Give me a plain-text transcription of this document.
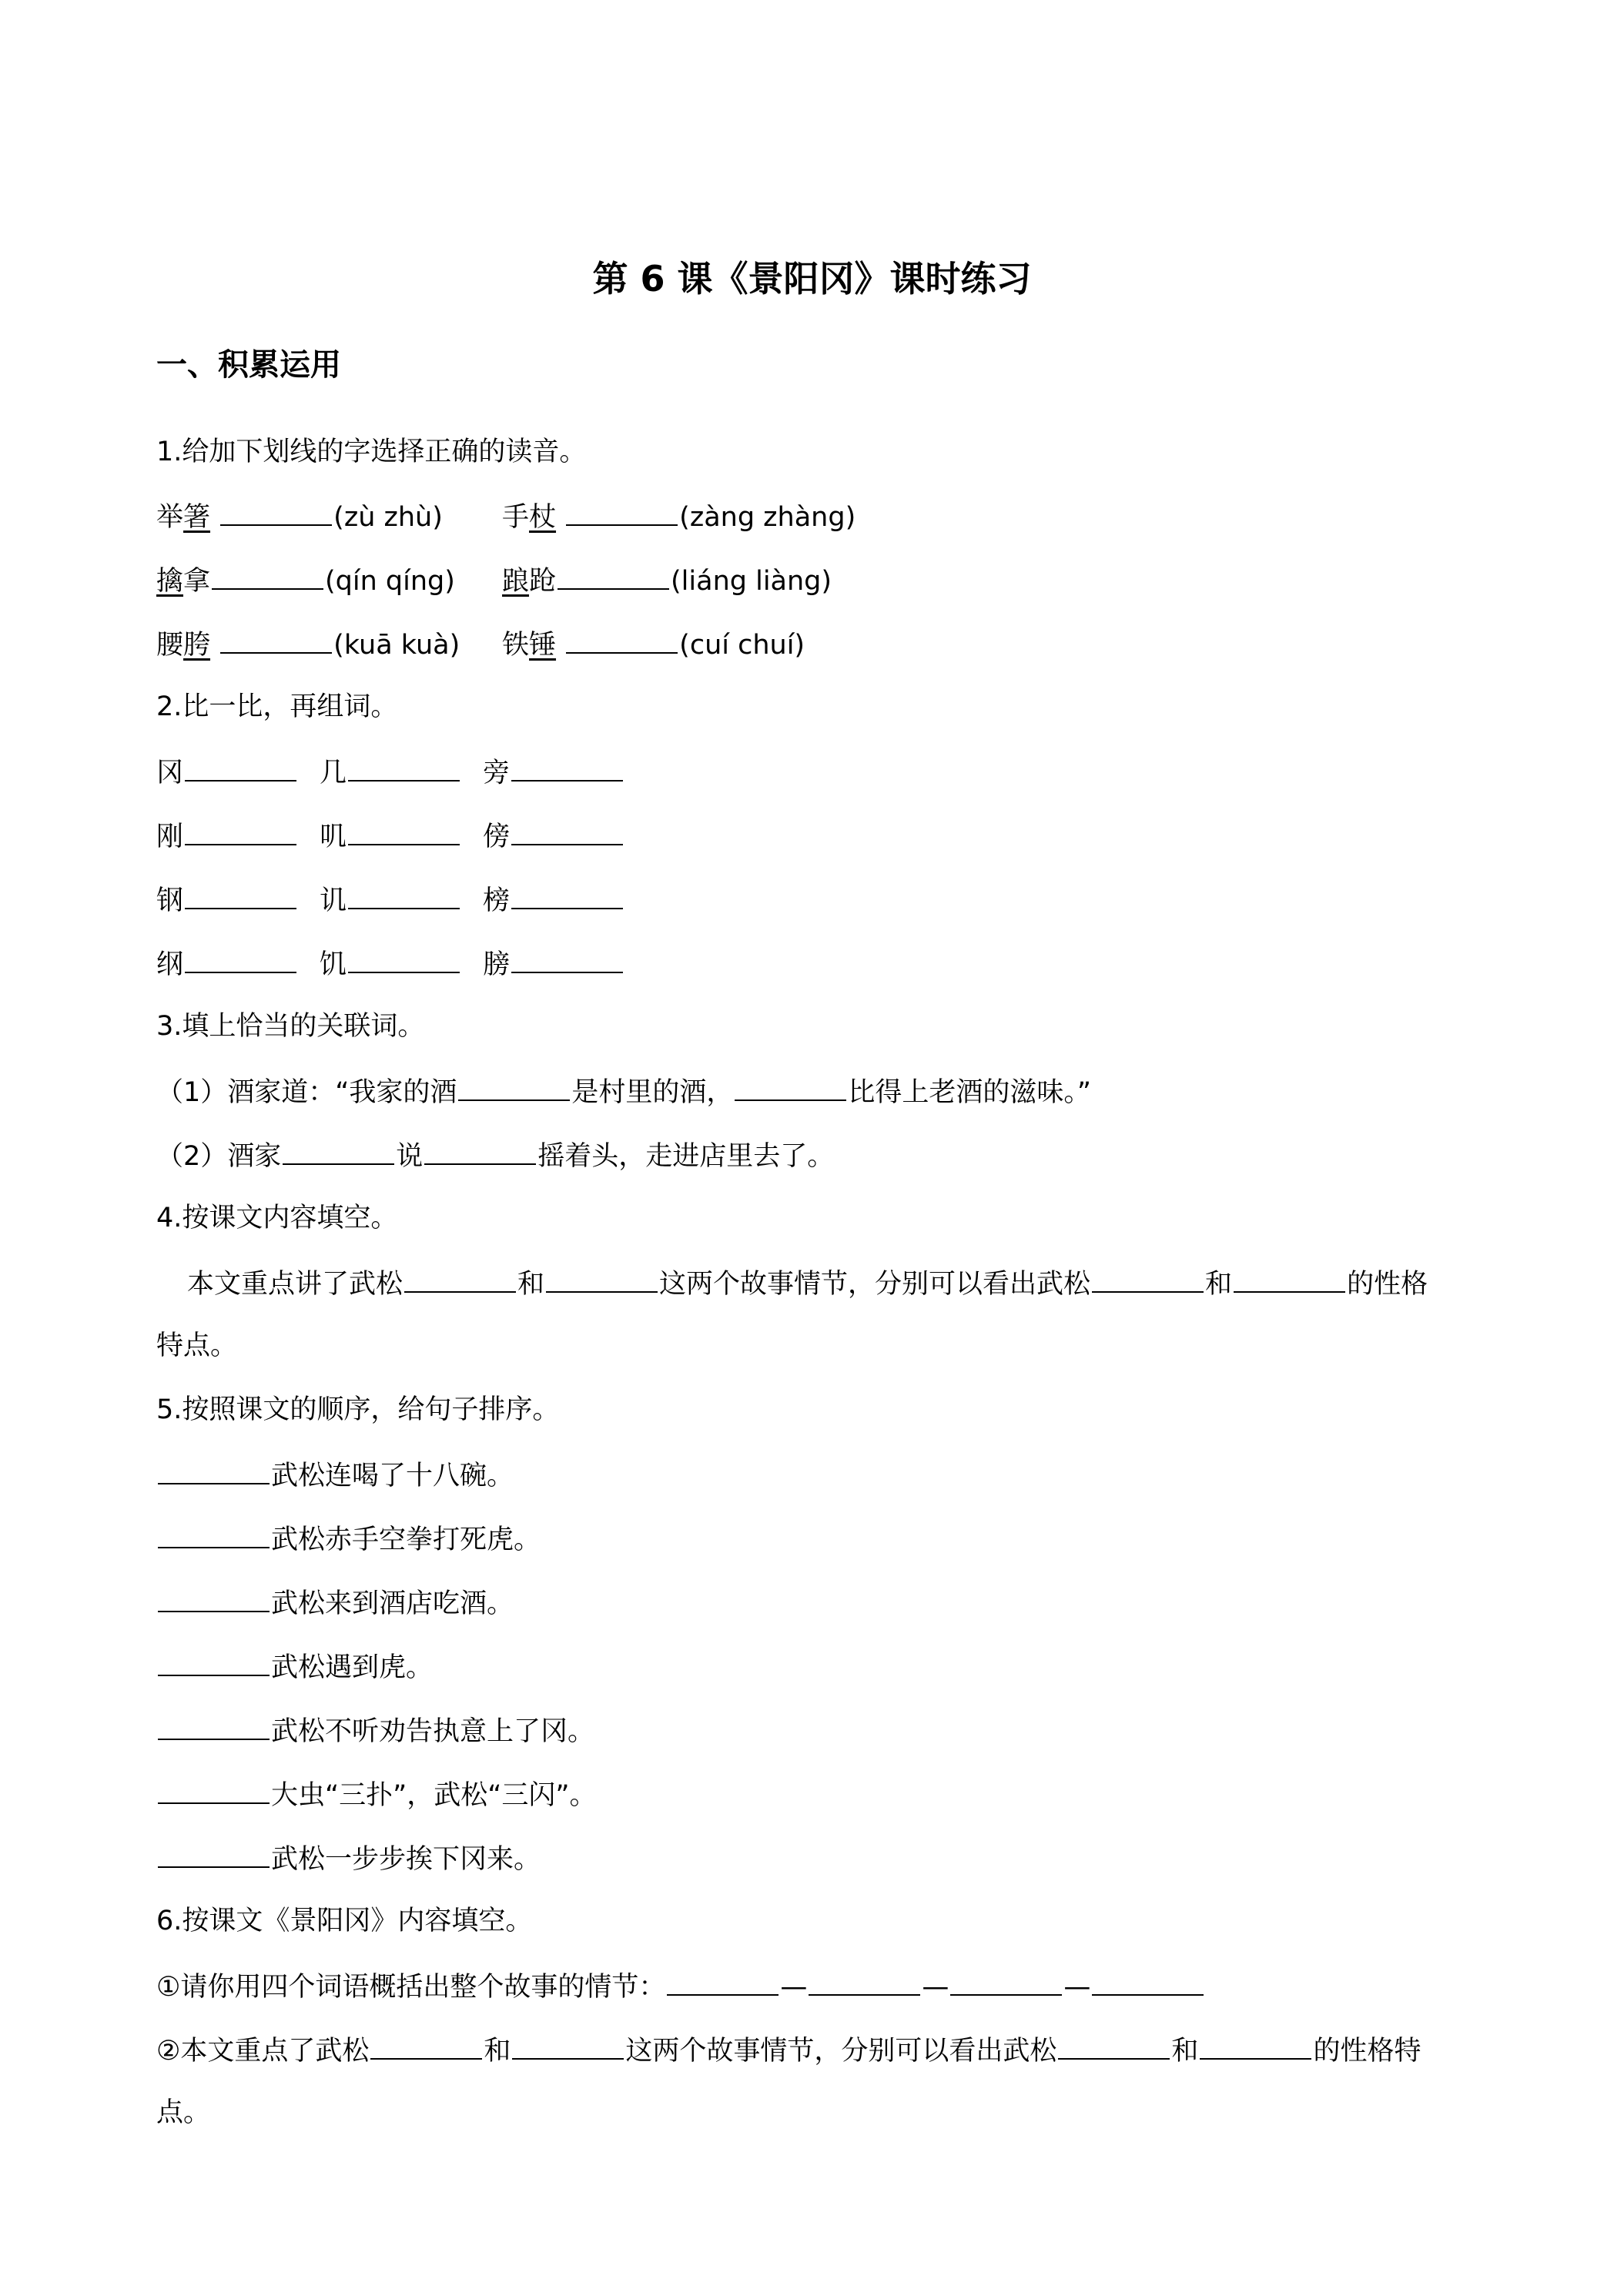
第 6 课《景阳冈》课时练习
一、积累运用
1.给加下划线的字选择正确的读音。
举箸	(zù zhù) 手杖	(zàng zhàng)
擒拿	(qín qíng) 踉跄	(liáng liàng)
腰胯	(kuā kuà) 铁锤	(cuí chuí)
2.比一比，再组词。
冈	几	旁
刚	叽	傍
钢	讥	榜
纲	饥	膀
3.填上恰当的关联词。
（1）酒家道：“我家的酒	是村里的酒，	比得上老酒的滋味。”
（2）酒家	说	摇着头，走进店里去了。
4.按课文内容填空。
本文重点讲了武松	和	这两个故事情节，分别可以看出武松	和	的性格
特点。
5.按照课文的顺序，给句子排序。
武松连喝了十八碗。
武松赤手空拳打死虎。
武松来到酒店吃酒。
武松遇到虎。
武松不听劝告执意上了冈。
大虫“三扑”，武松“三闪”。
武松一步步挨下冈来。
6.按课文《景阳冈》内容填空。
①请你用四个词语概括出整个故事的情节：	—	—	—
②本文重点了武松	和	这两个故事情节，分别可以看出武松	和	的性格特
点。
